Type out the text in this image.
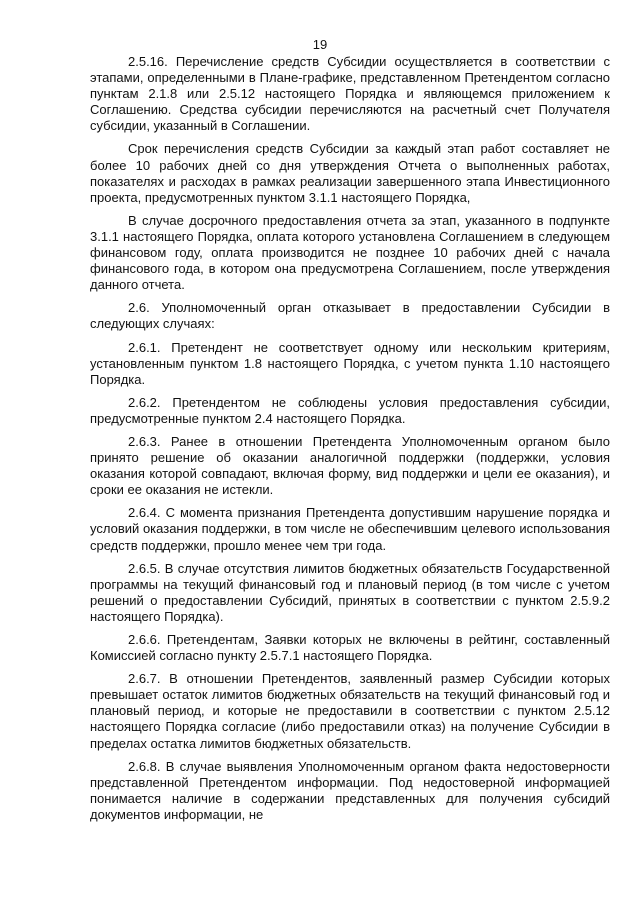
19

2.5.16. Перечисление средств Субсидии осуществляется в соответствии с этапами, определенными в Плане-графике, представленном Претендентом согласно пунктам 2.1.8 или 2.5.12 настоящего Порядка и являющемся приложением к Соглашению. Средства субсидии перечисляются на расчетный счет Получателя субсидии, указанный в Соглашении.

Срок перечисления средств Субсидии за каждый этап работ составляет не более 10 рабочих дней со дня утверждения Отчета о выполненных работах, показателях и расходах в рамках реализации завершенного этапа Инвестиционного проекта, предусмотренных пунктом 3.1.1 настоящего Порядка,

В случае досрочного предоставления отчета за этап, указанного в подпункте 3.1.1 настоящего Порядка, оплата которого установлена Соглашением в следующем финансовом году, оплата производится не позднее 10 рабочих дней с начала финансового года, в котором она предусмотрена Соглашением, после утверждения данного отчета.

2.6. Уполномоченный орган отказывает в предоставлении Субсидии в следующих случаях:

2.6.1. Претендент не соответствует одному или нескольким критериям, установленным пунктом 1.8 настоящего Порядка, с учетом пункта 1.10 настоящего Порядка.

2.6.2. Претендентом не соблюдены условия предоставления субсидии, предусмотренные пунктом 2.4 настоящего Порядка.

2.6.3. Ранее в отношении Претендента Уполномоченным органом было принято решение об оказании аналогичной поддержки (поддержки, условия оказания которой совпадают, включая форму, вид поддержки и цели ее оказания), и сроки ее оказания не истекли.

2.6.4. С момента признания Претендента допустившим нарушение порядка и условий оказания поддержки, в том числе не обеспечившим целевого использования средств поддержки, прошло менее чем три года.

2.6.5. В случае отсутствия лимитов бюджетных обязательств Государственной программы на текущий финансовый год и плановый период (в том числе с учетом решений о предоставлении Субсидий, принятых в соответствии с пунктом 2.5.9.2 настоящего Порядка).

2.6.6. Претендентам, Заявки которых не включены в рейтинг, составленный Комиссией согласно пункту 2.5.7.1 настоящего Порядка.

2.6.7. В отношении Претендентов, заявленный размер Субсидии которых превышает остаток лимитов бюджетных обязательств на текущий финансовый год и плановый период, и которые не предоставили в соответствии с пунктом 2.5.12 настоящего Порядка согласие (либо предоставили отказ) на получение Субсидии в пределах остатка лимитов бюджетных обязательств.

2.6.8. В случае выявления Уполномоченным органом факта недостоверности представленной Претендентом информации. Под недостоверной информацией понимается наличие в содержании представленных для получения субсидий документов информации, не
